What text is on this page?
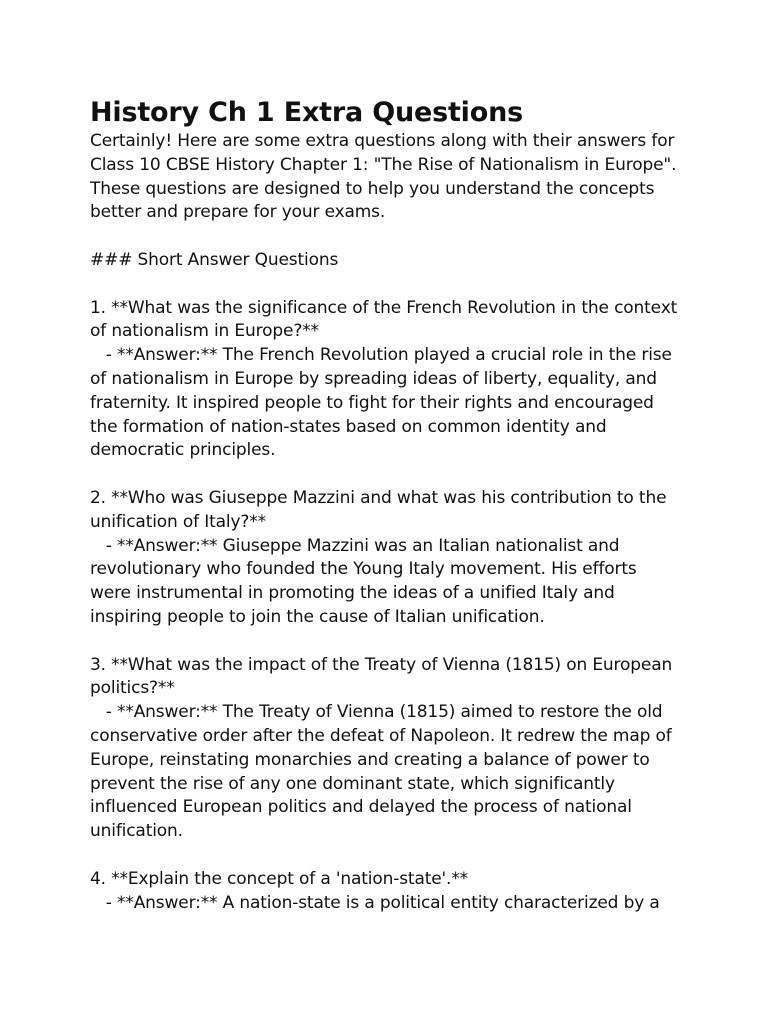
History Ch 1 Extra Questions
Certainly! Here are some extra questions along with their answers for
Class 10 CBSE History Chapter 1: "The Rise of Nationalism in Europe".
These questions are designed to help you understand the concepts
better and prepare for your exams.
### Short Answer Questions
1. **What was the significance of the French Revolution in the context
of nationalism in Europe?**
- **Answer:** The French Revolution played a crucial role in the rise
of nationalism in Europe by spreading ideas of liberty, equality, and
fraternity. It inspired people to fight for their rights and encouraged
the formation of nation-states based on common identity and
democratic principles.
2. **Who was Giuseppe Mazzini and what was his contribution to the
unification of Italy?**
- **Answer:** Giuseppe Mazzini was an Italian nationalist and
revolutionary who founded the Young Italy movement. His efforts
were instrumental in promoting the ideas of a unified Italy and
inspiring people to join the cause of Italian unification.
3. **What was the impact of the Treaty of Vienna (1815) on European
politics?**
- **Answer:** The Treaty of Vienna (1815) aimed to restore the old
conservative order after the defeat of Napoleon. It redrew the map of
Europe, reinstating monarchies and creating a balance of power to
prevent the rise of any one dominant state, which significantly
influenced European politics and delayed the process of national
unification.
4. **Explain the concept of a 'nation-state'.**
- **Answer:** A nation-state is a political entity characterized by a
